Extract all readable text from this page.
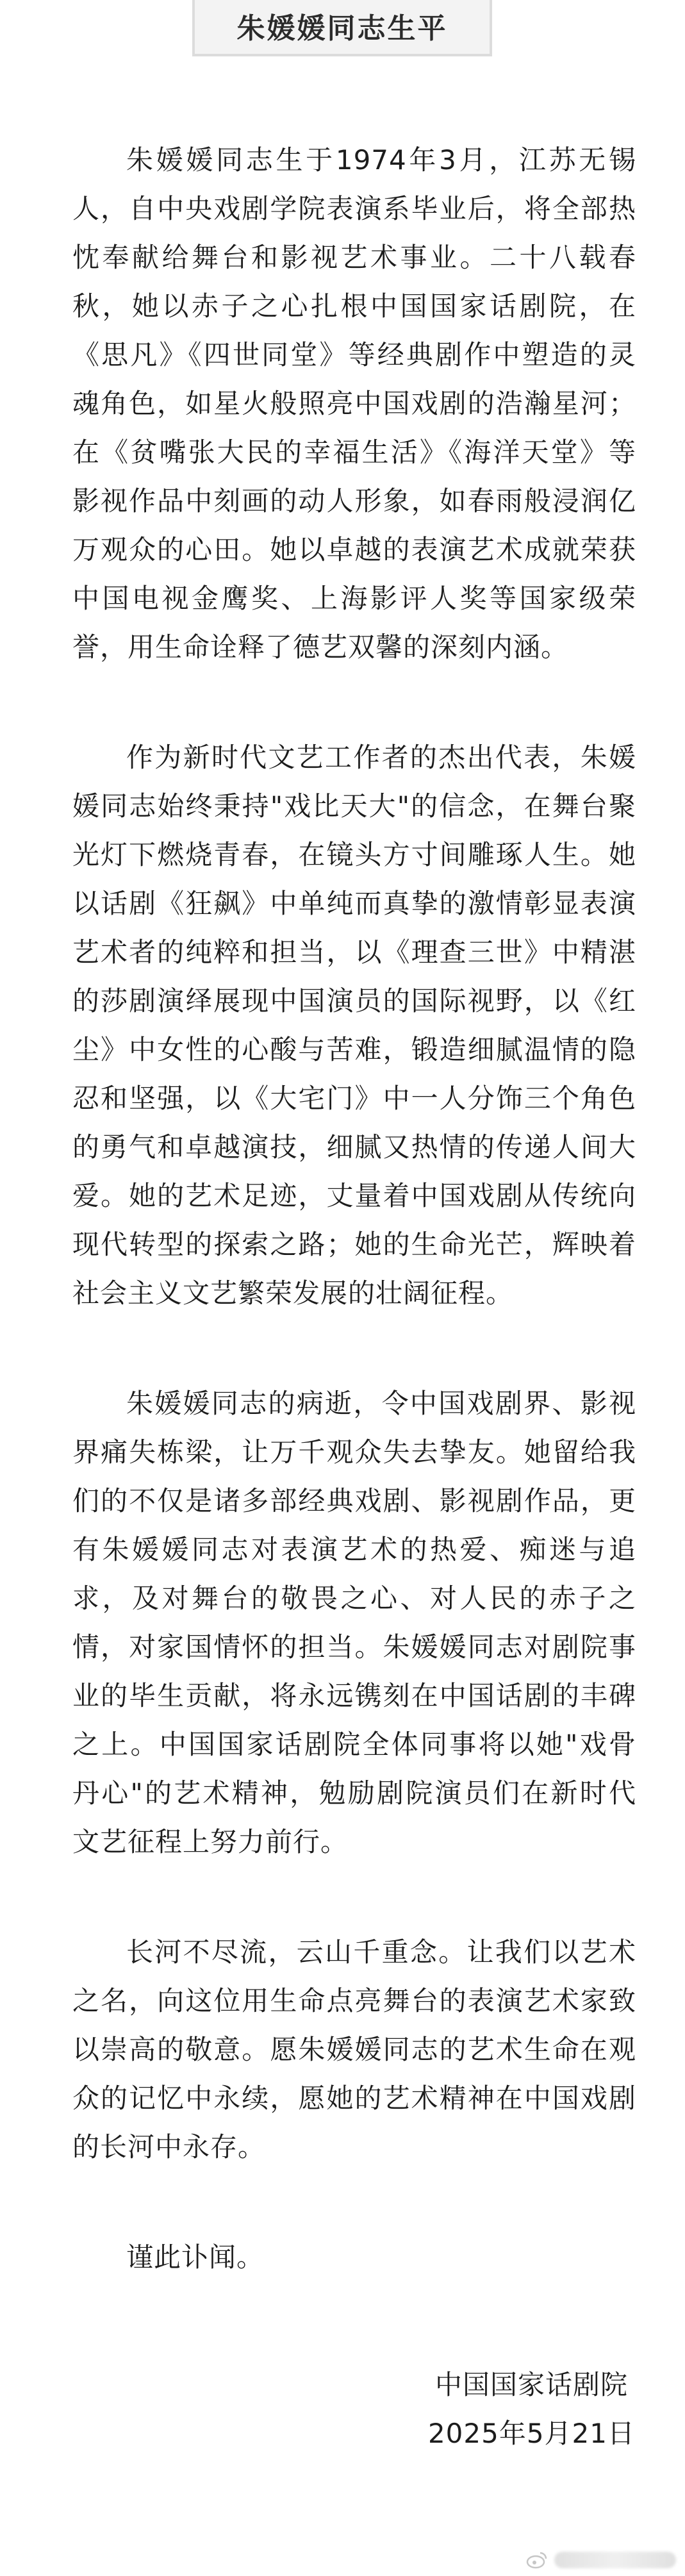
朱媛媛同志生平

朱媛媛同志生于1974年3月，江苏无锡人，自中央戏剧学院表演系毕业后，将全部热忱奉献给舞台和影视艺术事业。二十八载春秋，她以赤子之心扎根中国国家话剧院，在《思凡》《四世同堂》等经典剧作中塑造的灵魂角色，如星火般照亮中国戏剧的浩瀚星河；在《贫嘴张大民的幸福生活》《海洋天堂》等影视作品中刻画的动人形象，如春雨般浸润亿万观众的心田。她以卓越的表演艺术成就荣获中国电视金鹰奖、上海影评人奖等国家级荣誉，用生命诠释了德艺双馨的深刻内涵。

作为新时代文艺工作者的杰出代表，朱媛媛同志始终秉持"戏比天大"的信念，在舞台聚光灯下燃烧青春，在镜头方寸间雕琢人生。她以话剧《狂飙》中单纯而真挚的激情彰显表演艺术者的纯粹和担当，以《理查三世》中精湛的莎剧演绎展现中国演员的国际视野，以《红尘》中女性的心酸与苦难，锻造细腻温情的隐忍和坚强，以《大宅门》中一人分饰三个角色的勇气和卓越演技，细腻又热情的传递人间大爱。她的艺术足迹，丈量着中国戏剧从传统向现代转型的探索之路；她的生命光芒，辉映着社会主义文艺繁荣发展的壮阔征程。

朱媛媛同志的病逝，令中国戏剧界、影视界痛失栋梁，让万千观众失去挚友。她留给我们的不仅是诸多部经典戏剧、影视剧作品，更有朱媛媛同志对表演艺术的热爱、痴迷与追求，及对舞台的敬畏之心、对人民的赤子之情，对家国情怀的担当。朱媛媛同志对剧院事业的毕生贡献，将永远镌刻在中国话剧的丰碑之上。中国国家话剧院全体同事将以她"戏骨丹心"的艺术精神，勉励剧院演员们在新时代文艺征程上努力前行。

长河不尽流，云山千重念。让我们以艺术之名，向这位用生命点亮舞台的表演艺术家致以崇高的敬意。愿朱媛媛同志的艺术生命在观众的记忆中永续，愿她的艺术精神在中国戏剧的长河中永存。

谨此讣闻。

中国国家话剧院
2025年5月21日
